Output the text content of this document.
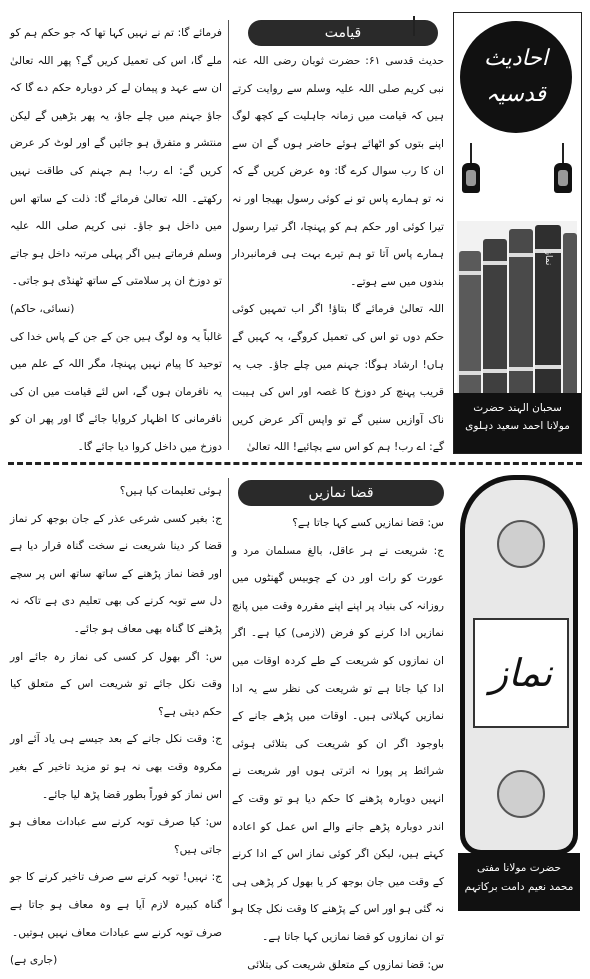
قیامت

حدیث قدسی ۶۱: حضرت ثوبان رضی اللہ عنہ نبی کریم صلی اللہ علیہ وسلم سے روایت کرتے ہیں کہ قیامت میں زمانہ جاہلیت کے کچھ لوگ اپنے بتوں کو اٹھائے ہوئے حاضر ہوں گے ان سے ان کا رب سوال کرے گا: وہ عرض کریں گے کہ نہ تو ہمارے پاس تو نے کوئی رسول بھیجا اور نہ تیرا کوئی اور حکم ہم کو پہنچا، اگر تیرا رسول ہمارے پاس آتا تو ہم تیرے بہت ہی فرمانبردار بندوں میں سے ہوتے۔

اللہ تعالیٰ فرمائے گا بتاؤ! اگر اب تمہیں کوئی حکم دوں تو اس کی تعمیل کروگے، یہ کہیں گے ہاں! ارشاد ہوگا: جہنم میں چلے جاؤ۔ جب یہ قریب پہنچ کر دوزخ کا غصہ اور اس کی ہیبت ناک آوازیں سنیں گے تو واپس آکر عرض کریں گے: اے رب! ہم کو اس سے بچائیے! اللہ تعالیٰ

فرمائے گا: تم نے نہیں کہا تھا کہ جو حکم ہم کو ملے گا، اس کی تعمیل کریں گے؟ پھر اللہ تعالیٰ ان سے عہد و پیمان لے کر دوبارہ حکم دے گا کہ جاؤ جہنم میں چلے جاؤ، یہ پھر بڑھیں گے لیکن منتشر و متفرق ہو جائیں گے اور لوٹ کر عرض کریں گے: اے رب! ہم جہنم کی طاقت نہیں رکھتے۔ اللہ تعالیٰ فرمائے گا: ذلت کے ساتھ اس میں داخل ہو جاؤ۔ نبی کریم صلی اللہ علیہ وسلم فرماتے ہیں اگر پہلی مرتبہ داخل ہو جاتے تو دوزخ ان پر سلامتی کے ساتھ ٹھنڈی ہو جاتی۔

(نسائی، حاکم)

غالباً یہ وہ لوگ ہیں جن کے جن کے پاس خدا کی توحید کا پیام نہیں پہنچا، مگر اللہ کے علم میں یہ نافرمان ہوں گے، اس لئے قیامت میں ان کی نافرمانی کا اظہار کروایا جائے گا اور پھر ان کو دوزخ میں داخل کروا دیا جائے گا۔

احادیث
قدسیہ
نماز
سحبان الہند حضرت
مولانا احمد سعید دہلوی
قضا نمازیں

س: قضا نمازیں کسے کہا جاتا ہے؟

ج: شریعت نے ہر عاقل، بالغ مسلمان مرد و عورت کو رات اور دن کے چوبیس گھنٹوں میں روزانہ کی بنیاد پر اپنے اپنے مقررہ وقت میں پانچ نمازیں ادا کرنے کو فرض (لازمی) کیا ہے۔ اگر ان نمازوں کو شریعت کے طے کردہ اوقات میں ادا کیا جاتا ہے تو شریعت کی نظر سے یہ ادا نمازیں کہلاتی ہیں۔ اوقات میں پڑھے جانے کے باوجود اگر ان کو شریعت کی بتلائی ہوئی شرائط پر پورا نہ اترتی ہوں اور شریعت نے انہیں دوبارہ پڑھنے کا حکم دیا ہو تو وقت کے اندر دوبارہ پڑھے جانے والے اس عمل کو اعادہ کہتے ہیں، لیکن اگر کوئی نماز اس کے ادا کرنے کے وقت میں جان بوجھ کر یا بھول کر پڑھی ہی نہ گئی ہو اور اس کے پڑھنے کا وقت نکل چکا ہو تو ان نمازوں کو قضا نمازیں کہا جاتا ہے۔

س: قضا نمازوں کے متعلق شریعت کی بتلائی

ہوئی تعلیمات کیا ہیں؟

ج: بغیر کسی شرعی عذر کے جان بوجھ کر نماز قضا کر دینا شریعت نے سخت گناہ قرار دیا ہے اور قضا نماز پڑھنے کے ساتھ ساتھ اس پر سچے دل سے توبہ کرنے کی بھی تعلیم دی ہے تاکہ نہ پڑھنے کا گناہ بھی معاف ہو جائے۔

س: اگر بھول کر کسی کی نماز رہ جائے اور وقت نکل جائے تو شریعت اس کے متعلق کیا حکم دیتی ہے؟

ج: وقت نکل جانے کے بعد جیسے ہی یاد آئے اور مکروہ وقت بھی نہ ہو تو مزید تاخیر کے بغیر اس نماز کو فوراً بطور قضا پڑھ لیا جائے۔

س: کیا صرف توبہ کرنے سے عبادات معاف ہو جاتی ہیں؟

ج: نہیں! توبہ کرنے سے صرف تاخیر کرنے کا جو گناہ کبیرہ لازم آیا ہے وہ معاف ہو جاتا ہے صرف توبہ کرنے سے عبادات معاف نہیں ہوتیں۔

(جاری ہے)
نماز
حضرت مولانا مفتی
محمد نعیم دامت برکاتہم
